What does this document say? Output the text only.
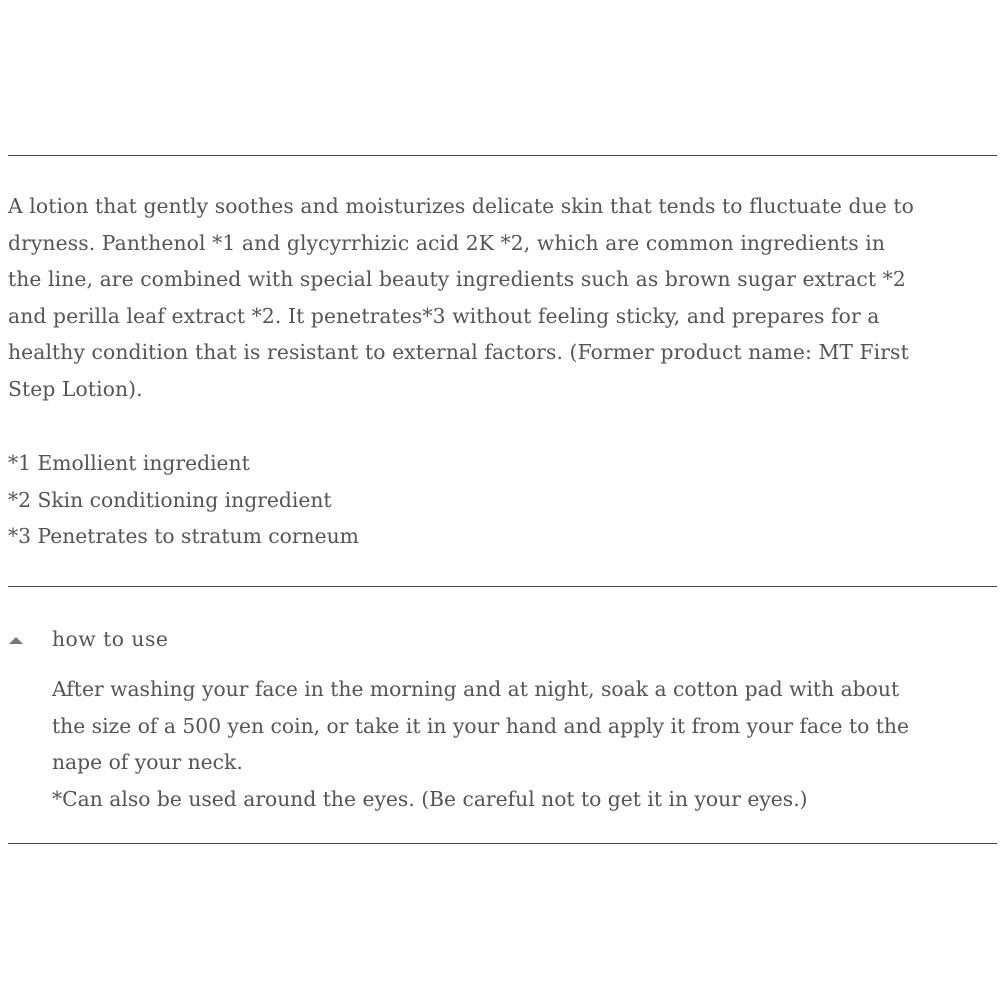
A lotion that gently soothes and moisturizes delicate skin that tends to fluctuate due to
dryness. Panthenol *1 and glycyrrhizic acid 2K *2, which are common ingredients in
the line, are combined with special beauty ingredients such as brown sugar extract *2
and perilla leaf extract *2. It penetrates*3 without feeling sticky, and prepares for a
healthy condition that is resistant to external factors. (Former product name: MT First
Step Lotion).

*1 Emollient ingredient
*2 Skin conditioning ingredient
*3 Penetrates to stratum corneum
how to use

After washing your face in the morning and at night, soak a cotton pad with about
the size of a 500 yen coin, or take it in your hand and apply it from your face to the
nape of your neck.
*Can also be used around the eyes. (Be careful not to get it in your eyes.)
